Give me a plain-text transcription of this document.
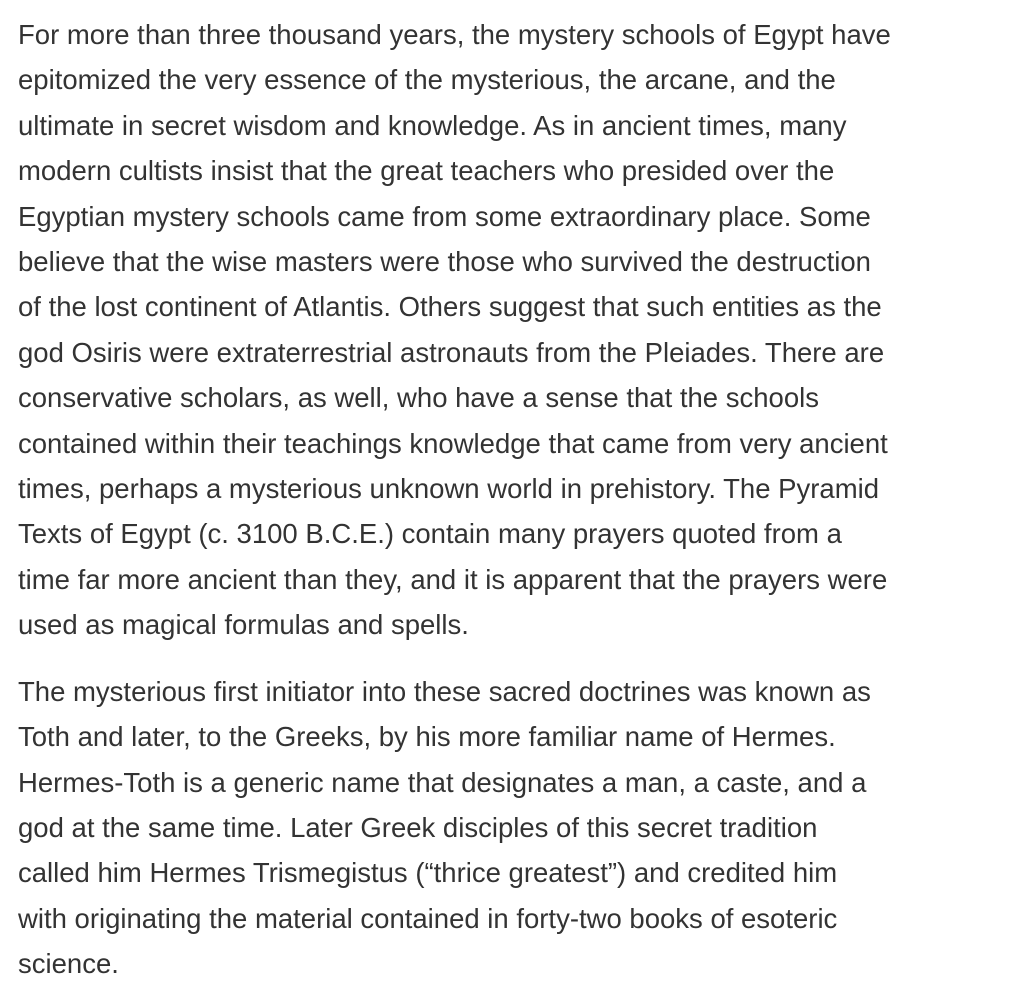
For more than three thousand years, the mystery schools of Egypt have
epitomized the very essence of the mysterious, the arcane, and the
ultimate in secret wisdom and knowledge. As in ancient times, many
modern cultists insist that the great teachers who presided over the
Egyptian mystery schools came from some extraordinary place. Some
believe that the wise masters were those who survived the destruction
of the lost continent of Atlantis. Others suggest that such entities as the
god Osiris were extraterrestrial astronauts from the Pleiades. There are
conservative scholars, as well, who have a sense that the schools
contained within their teachings knowledge that came from very ancient
times, perhaps a mysterious unknown world in prehistory. The Pyramid
Texts of Egypt (c. 3100 B.C.E.) contain many prayers quoted from a
time far more ancient than they, and it is apparent that the prayers were
used as magical formulas and spells.

The mysterious first initiator into these sacred doctrines was known as
Toth and later, to the Greeks, by his more familiar name of Hermes.
Hermes-Toth is a generic name that designates a man, a caste, and a
god at the same time. Later Greek disciples of this secret tradition
called him Hermes Trismegistus (“thrice greatest”) and credited him
with originating the material contained in forty-two books of esoteric
science.
